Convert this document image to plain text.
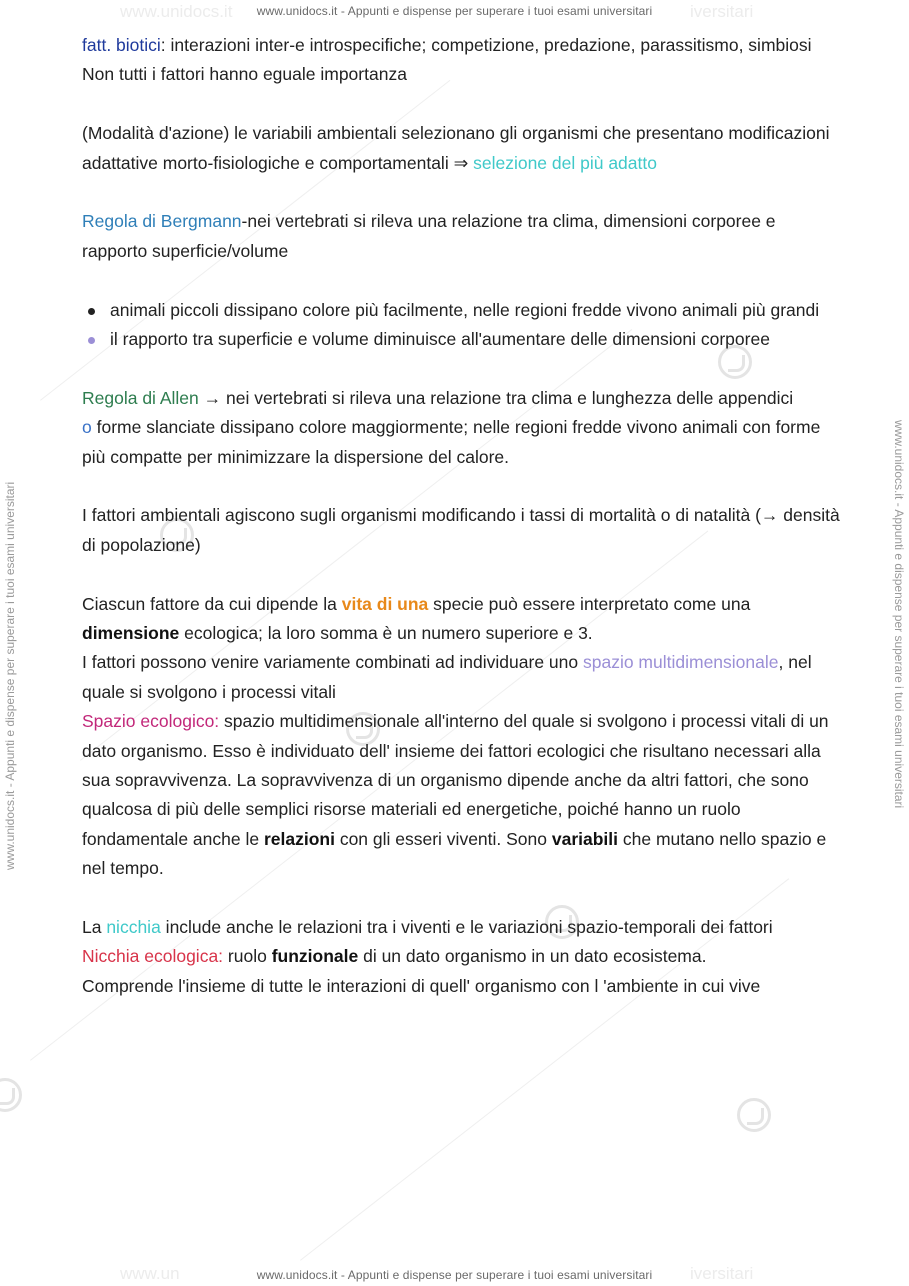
www.unidocs.it	iversitari
www.un	iversitari
www.unidocs.it - Appunti e dispense per superare i tuoi esami universitari
www.unidocs.it - Appunti e dispense per superare i tuoi esami universitari
www.unidocs.it - Appunti e dispense per superare i tuoi esami universitari	www.unidocs.it - Appunti e dispense per superare i tuoi esami universitari

fatt. biotici: interazioni inter-e introspecifiche; competizione, predazione, parassitismo, simbiosi

Non tutti i fattori hanno eguale importanza

(Modalità d'azione) le variabili ambientali selezionano gli organismi che presentano modificazioni adattative morto-fisiologiche e comportamentali ⇒ selezione del più adatto

Regola di Bergmann-nei vertebrati si rileva una relazione tra clima, dimensioni corporee e rapporto superficie/volume

animali piccoli dissipano colore più facilmente, nelle regioni fredde vivono animali più grandi
il rapporto tra superficie e volume diminuisce all'aumentare delle dimensioni corporee

Regola di Allen → nei vertebrati si rileva una relazione tra clima e lunghezza delle appendici

o forme slanciate dissipano colore maggiormente; nelle regioni fredde vivono animali con forme più compatte per minimizzare la dispersione del calore.

I fattori ambientali agiscono sugli organismi modificando i tassi di mortalità o di natalità (→ densità di popolazione)

Ciascun fattore da cui dipende la vita di una specie può essere interpretato come una dimensione ecologica; la loro somma è un numero superiore e 3.

I fattori possono venire variamente combinati ad individuare uno spazio multidimensionale, nel quale si svolgono i processi vitali

Spazio ecologico: spazio multidimensionale all'interno del quale si svolgono i processi vitali di un dato organismo. Esso è individuato dell' insieme dei fattori ecologici che risultano necessari alla sua sopravvivenza. La sopravvivenza di un organismo dipende anche da altri fattori, che sono qualcosa di più delle semplici risorse materiali ed energetiche, poiché hanno un ruolo fondamentale anche le relazioni con gli esseri viventi. Sono variabili che mutano nello spazio e nel tempo.

La nicchia include anche le relazioni tra i viventi e le variazioni spazio-temporali dei fattori

Nicchia ecologica: ruolo funzionale di un dato organismo in un dato ecosistema.

Comprende l'insieme di tutte le interazioni di quell' organismo con l 'ambiente in cui vive
